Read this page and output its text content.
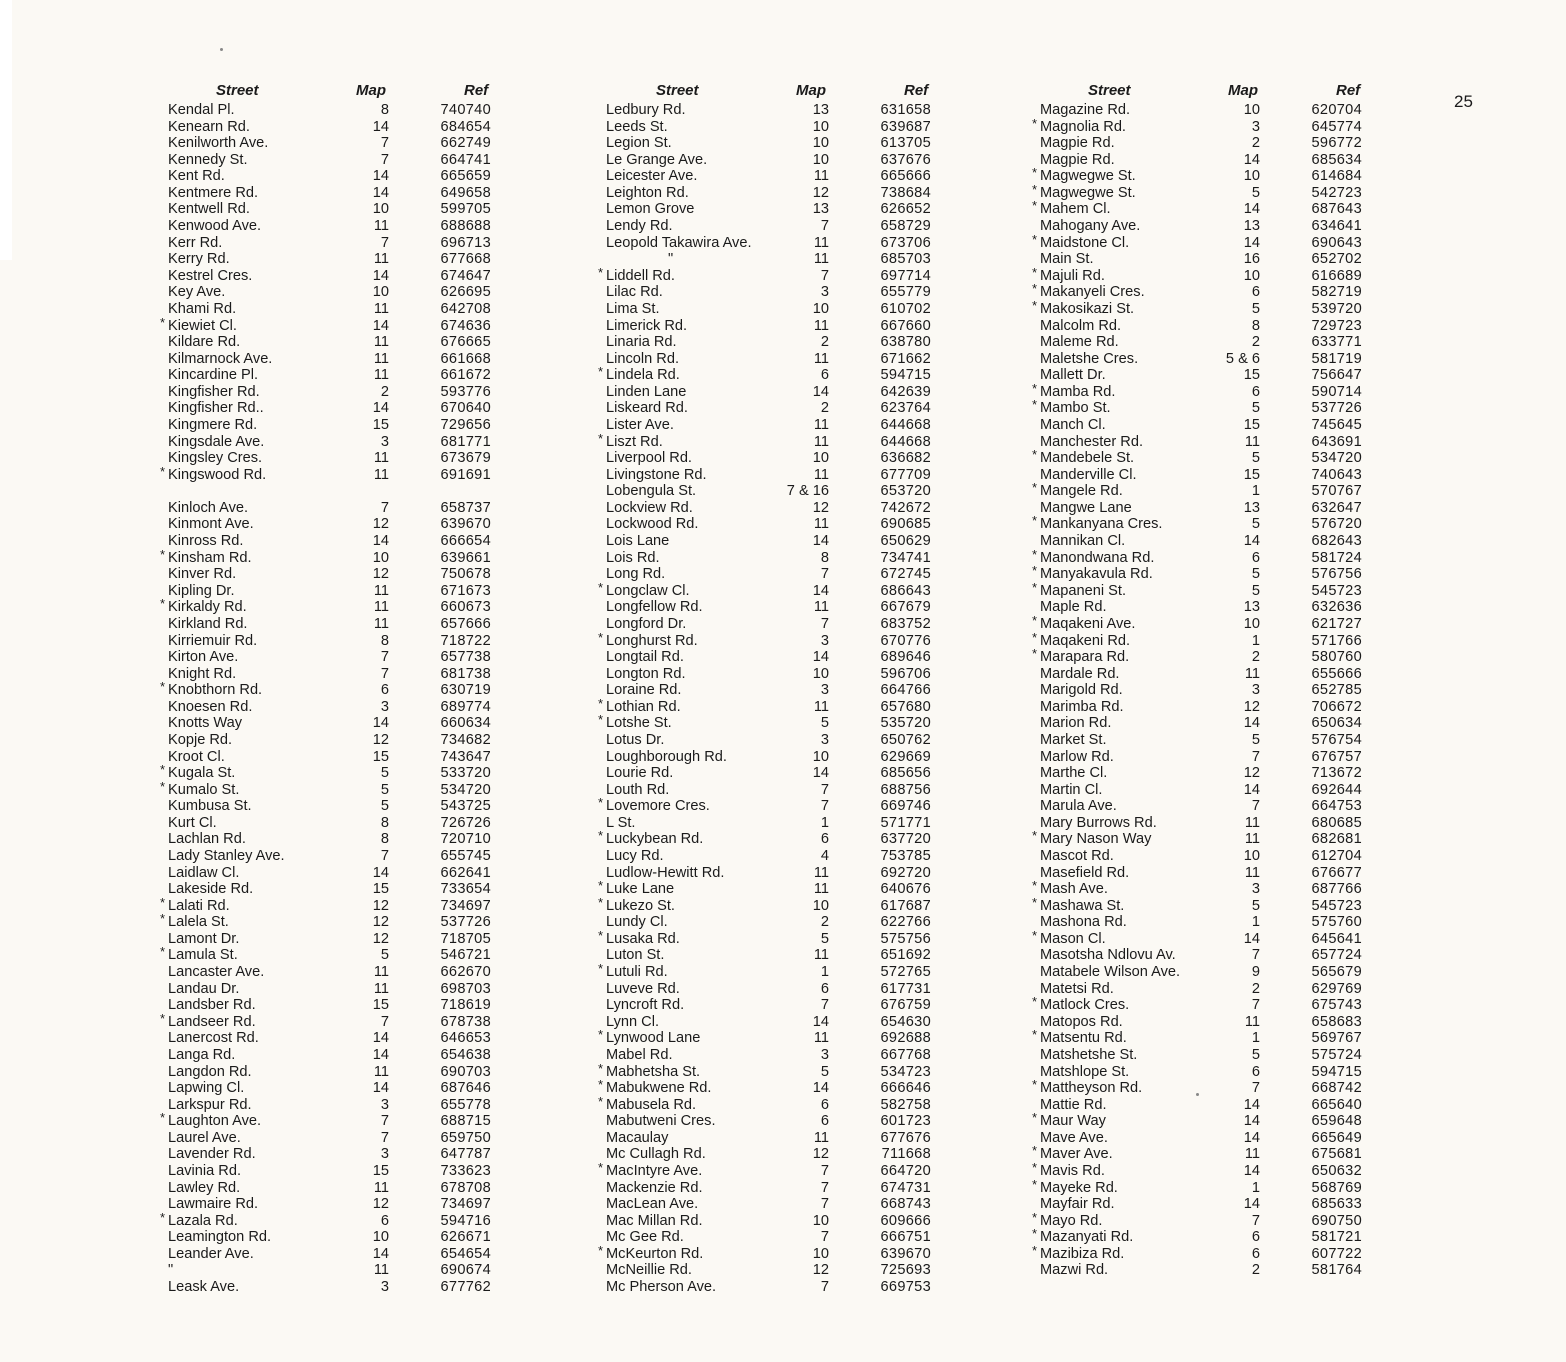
25
Street	Map	Ref
Kendal Pl.	8	740740
Kenearn Rd.	14	684654
Kenilworth Ave.	7	662749
Kennedy St.	7	664741
Kent Rd.	14	665659
Kentmere Rd.	14	649658
Kentwell Rd.	10	599705
Kenwood Ave.	11	688688
Kerr Rd.	7	696713
Kerry Rd.	11	677668
Kestrel Cres.	14	674647
Key Ave.	10	626695
Khami Rd.	11	642708
* Kiewiet Cl.	14	674636
Kildare Rd.	11	676665
Kilmarnock Ave.	11	661668
Kincardine Pl.	11	661672
Kingfisher Rd.	2	593776
Kingfisher Rd..	14	670640
Kingmere Rd.	15	729656
Kingsdale Ave.	3	681771
Kingsley Cres.	11	673679
* Kingswood Rd.	11	691691
Kinloch Ave.	7	658737
Kinmont Ave.	12	639670
Kinross Rd.	14	666654
* Kinsham Rd.	10	639661
Kinver Rd.	12	750678
Kipling Dr.	11	671673
* Kirkaldy Rd.	11	660673
Kirkland Rd.	11	657666
Kirriemuir Rd.	8	718722
Kirton Ave.	7	657738
Knight Rd.	7	681738
* Knobthorn Rd.	6	630719
Knoesen Rd.	3	689774
Knotts Way	14	660634
Kopje Rd.	12	734682
Kroot Cl.	15	743647
* Kugala St.	5	533720
* Kumalo St.	5	534720
Kumbusa St.	5	543725
Kurt Cl.	8	726726
Lachlan Rd.	8	720710
Lady Stanley Ave.	7	655745
Laidlaw Cl.	14	662641
Lakeside Rd.	15	733654
* Lalati Rd.	12	734697
* Lalela St.	12	537726
Lamont Dr.	12	718705
* Lamula St.	5	546721
Lancaster Ave.	11	662670
Landau Dr.	11	698703
Landsber Rd.	15	718619
* Landseer Rd.	7	678738
Lanercost Rd.	14	646653
Langa Rd.	14	654638
Langdon Rd.	11	690703
Lapwing Cl.	14	687646
Larkspur Rd.	3	655778
* Laughton Ave.	7	688715
Laurel Ave.	7	659750
Lavender Rd.	3	647787
Lavinia Rd.	15	733623
Lawley Rd.	11	678708
Lawmaire Rd.	12	734697
* Lazala Rd.	6	594716
Leamington Rd.	10	626671
Leander Ave.	14	654654
"	11	690674
Leask Ave.	3	677762
Street	Map	Ref
Ledbury Rd.	13	631658
Leeds St.	10	639687
Legion St.	10	613705
Le Grange Ave.	10	637676
Leicester Ave.	11	665666
Leighton Rd.	12	738684
Lemon Grove	13	626652
Lendy Rd.	7	658729
Leopold Takawira Ave.	11	673706
"	11	685703
* Liddell Rd.	7	697714
Lilac Rd.	3	655779
Lima St.	10	610702
Limerick Rd.	11	667660
Linaria Rd.	2	638780
Lincoln Rd.	11	671662
* Lindela Rd.	6	594715
Linden Lane	14	642639
Liskeard Rd.	2	623764
Lister Ave.	11	644668
* Liszt Rd.	11	644668
Liverpool Rd.	10	636682
Livingstone Rd.	11	677709
Lobengula St.	7 & 16	653720
Lockview Rd.	12	742672
Lockwood Rd.	11	690685
Lois Lane	14	650629
Lois Rd.	8	734741
Long Rd.	7	672745
* Longclaw Cl.	14	686643
Longfellow Rd.	11	667679
Longford Dr.	7	683752
* Longhurst Rd.	3	670776
Longtail Rd.	14	689646
Longton Rd.	10	596706
Loraine Rd.	3	664766
* Lothian Rd.	11	657680
* Lotshe St.	5	535720
Lotus Dr.	3	650762
Loughborough Rd.	10	629669
Lourie Rd.	14	685656
Louth Rd.	7	688756
* Lovemore Cres.	7	669746
L St.	1	571771
* Luckybean Rd.	6	637720
Lucy Rd.	4	753785
Ludlow-Hewitt Rd.	11	692720
* Luke Lane	11	640676
* Lukezo St.	10	617687
Lundy Cl.	2	622766
* Lusaka Rd.	5	575756
Luton St.	11	651692
* Lutuli Rd.	1	572765
Luveve Rd.	6	617731
Lyncroft Rd.	7	676759
Lynn Cl.	14	654630
* Lynwood Lane	11	692688
Mabel Rd.	3	667768
* Mabhetsha St.	5	534723
* Mabukwene Rd.	14	666646
* Mabusela Rd.	6	582758
Mabutweni Cres.	6	601723
Macaulay	11	677676
Mc Cullagh Rd.	12	711668
* MacIntyre Ave.	7	664720
Mackenzie Rd.	7	674731
MacLean Ave.	7	668743
Mac Millan Rd.	10	609666
Mc Gee Rd.	7	666751
* McKeurton Rd.	10	639670
McNeillie Rd.	12	725693
Mc Pherson Ave.	7	669753
Street	Map	Ref
Magazine Rd.	10	620704
* Magnolia Rd.	3	645774
Magpie Rd.	2	596772
Magpie Rd.	14	685634
* Magwegwe St.	10	614684
* Magwegwe St.	5	542723
* Mahem Cl.	14	687643
Mahogany Ave.	13	634641
* Maidstone Cl.	14	690643
Main St.	16	652702
* Majuli Rd.	10	616689
* Makanyeli Cres.	6	582719
* Makosikazi St.	5	539720
Malcolm Rd.	8	729723
Maleme Rd.	2	633771
Maletshe Cres.	5 & 6	581719
Mallett Dr.	15	756647
* Mamba Rd.	6	590714
* Mambo St.	5	537726
Manch Cl.	15	745645
Manchester Rd.	11	643691
* Mandebele St.	5	534720
Manderville Cl.	15	740643
* Mangele Rd.	1	570767
Mangwe Lane	13	632647
* Mankanyana Cres.	5	576720
Mannikan Cl.	14	682643
* Manondwana Rd.	6	581724
* Manyakavula Rd.	5	576756
* Mapaneni St.	5	545723
Maple Rd.	13	632636
* Maqakeni Ave.	10	621727
* Maqakeni Rd.	1	571766
* Marapara Rd.	2	580760
Mardale Rd.	11	655666
Marigold Rd.	3	652785
Marimba Rd.	12	706672
Marion Rd.	14	650634
Market St.	5	576754
Marlow Rd.	7	676757
Marthe Cl.	12	713672
Martin Cl.	14	692644
Marula Ave.	7	664753
Mary Burrows Rd.	11	680685
* Mary Nason Way	11	682681
Mascot Rd.	10	612704
Masefield Rd.	11	676677
* Mash Ave.	3	687766
* Mashawa St.	5	545723
Mashona Rd.	1	575760
* Mason Cl.	14	645641
Masotsha Ndlovu Av.	7	657724
Matabele Wilson Ave.	9	565679
Matetsi Rd.	2	629769
* Matlock Cres.	7	675743
Matopos Rd.	11	658683
* Matsentu Rd.	1	569767
Matshetshe St.	5	575724
Matshlope St.	6	594715
* Mattheyson Rd.	7	668742
Mattie Rd.	14	665640
* Maur Way	14	659648
Mave Ave.	14	665649
* Maver Ave.	11	675681
* Mavis Rd.	14	650632
* Mayeke Rd.	1	568769
Mayfair Rd.	14	685633
* Mayo Rd.	7	690750
* Mazanyati Rd.	6	581721
* Mazibiza Rd.	6	607722
Mazwi Rd.	2	581764
